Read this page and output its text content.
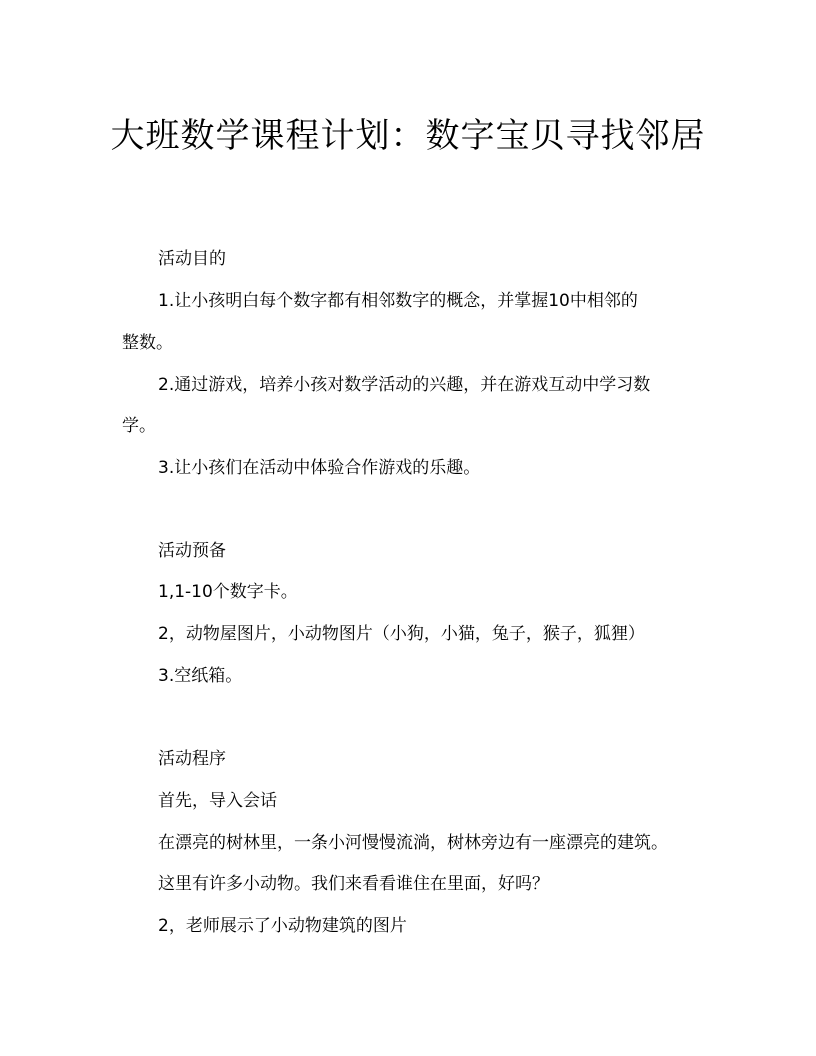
大班数学课程计划：数字宝贝寻找邻居
活动目的
1.让小孩明白每个数字都有相邻数字的概念，并掌握10中相邻的
整数。
2.通过游戏，培养小孩对数学活动的兴趣，并在游戏互动中学习数
学。
3.让小孩们在活动中体验合作游戏的乐趣。
活动预备
1,1-10个数字卡。
2，动物屋图片，小动物图片（小狗，小猫，兔子，猴子，狐狸）
3.空纸箱。
活动程序
首先，导入会话
在漂亮的树林里，一条小河慢慢流淌，树林旁边有一座漂亮的建筑。
这里有许多小动物。我们来看看谁住在里面，好吗？
2，老师展示了小动物建筑的图片
